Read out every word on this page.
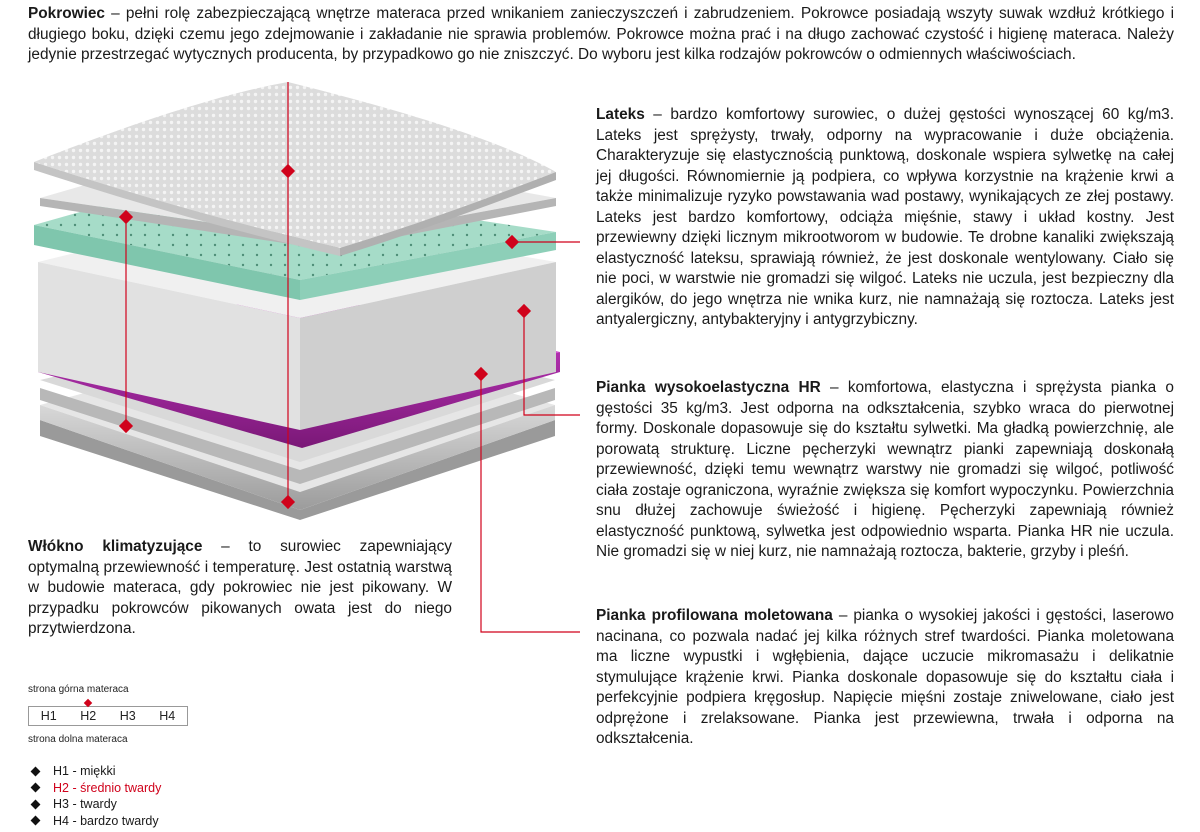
Pokrowiec – pełni rolę zabezpieczającą wnętrze materaca przed wnikaniem zanieczyszczeń i zabrudzeniem. Pokrowce posiadają wszyty suwak wzdłuż krótkiego i długiego boku, dzięki czemu jego zdejmowanie i zakładanie nie sprawia problemów. Pokrowce można prać i na długo zachować czystość i higienę materaca. Należy jedynie przestrzegać wytycznych producenta, by przypadkowo go nie zniszczyć. Do wyboru jest kilka rodzajów pokrowców o odmiennych właściwościach.
Lateks – bardzo komfortowy surowiec, o dużej gęstości wynoszącej 60 kg/m3. Lateks jest sprężysty, trwały, odporny na wypracowanie i duże obciążenia. Charakteryzuje się elastycznością punktową, doskonale wspiera sylwetkę na całej jej długości. Równomiernie ją podpiera, co wpływa korzystnie na krążenie krwi a także minimalizuje ryzyko powstawania wad postawy, wynikających ze złej postawy. Lateks jest bardzo komfortowy, odciąża mięśnie, stawy i układ kostny. Jest przewiewny dzięki licznym mikrootworom w budowie. Te drobne kanaliki zwiększają elastyczność lateksu, sprawiają również, że jest doskonale wentylowany. Ciało się nie poci, w warstwie nie gromadzi się wilgoć. Lateks nie uczula, jest bezpieczny dla alergików, do jego wnętrza nie wnika kurz, nie namnażają się roztocza. Lateks jest antyalergiczny, antybakteryjny i antygrzybiczny.
Pianka wysokoelastyczna HR – komfortowa, elastyczna i sprężysta pianka o gęstości 35 kg/m3. Jest odporna na odkształcenia, szybko wraca do pierwotnej formy. Doskonale dopasowuje się do kształtu sylwetki. Ma gładką powierzchnię, ale porowatą strukturę. Liczne pęcherzyki wewnątrz pianki zapewniają doskonałą przewiewność, dzięki temu wewnątrz warstwy nie gromadzi się wilgoć, potliwość ciała zostaje ograniczona, wyraźnie zwiększa się komfort wypoczynku. Powierzchnia snu dłużej zachowuje świeżość i higienę. Pęcherzyki zapewniają również elastyczność punktową, sylwetka jest odpowiednio wsparta. Pianka HR nie uczula. Nie gromadzi się w niej kurz, nie namnażają roztocza, bakterie, grzyby i pleśń.
Pianka profilowana moletowana – pianka o wysokiej jakości i gęstości, laserowo nacinana, co pozwala nadać jej kilka różnych stref twardości. Pianka moletowana ma liczne wypustki i wgłębienia, dające uczucie mikromasażu i delikatnie stymulujące krążenie krwi. Pianka doskonale dopasowuje się do kształtu ciała i perfekcyjnie podpiera kręgosłup. Napięcie mięśni zostaje zniwelowane, ciało jest odprężone i zrelaksowane. Pianka jest przewiewna, trwała i odporna na odkształcenia.
Włókno klimatyzujące – to surowiec zapewniający optymalną przewiewność i temperaturę. Jest ostatnią warstwą w budowie materaca, gdy pokrowiec nie jest pikowany. W przypadku pokrowców pikowanych owata jest do niego przytwierdzona.
strona górna materaca
H1	H2	H3	H4
strona dolna materaca
H1 - miękki
H2 - średnio twardy
H3 - twardy
H4 - bardzo twardy
